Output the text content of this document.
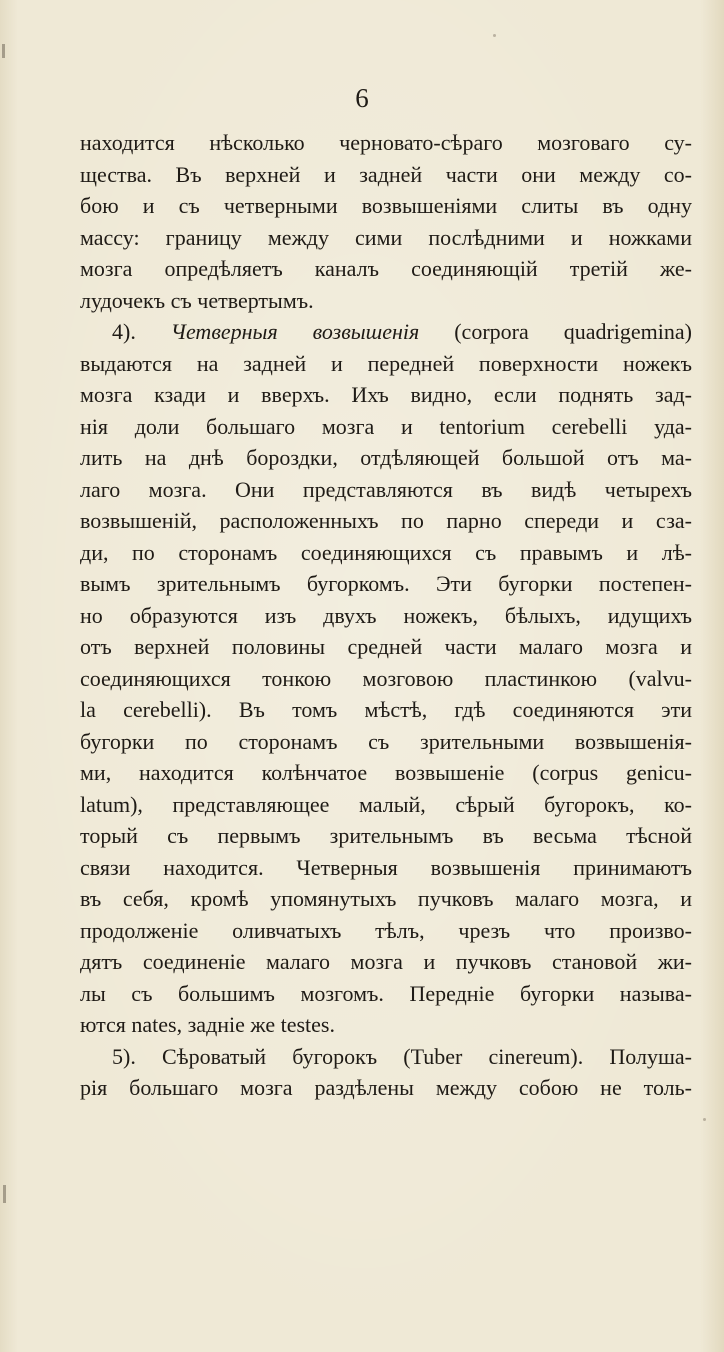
6
находится нѣсколько черновато-сѣраго мозговаго су-
щества. Въ верхней и задней части они между со-
бою и съ четверными возвышеніями слиты въ одну
массу: границу между сими послѣдними и ножками
мозга опредѣляетъ каналъ соединяющій третій же-
лудочекъ съ четвертымъ.
4). Четверныя возвышенія (corpora quadrigemina)
выдаются на задней и передней поверхности ножекъ
мозга кзади и вверхъ. Ихъ видно, если поднять зад-
нія доли большаго мозга и tentorium cerebelli уда-
лить на днѣ бороздки, отдѣляющей большой отъ ма-
лаго мозга. Они представляются въ видѣ четырехъ
возвышеній, расположенныхъ по парно спереди и сза-
ди, по сторонамъ соединяющихся съ правымъ и лѣ-
вымъ зрительнымъ бугоркомъ. Эти бугорки постепен-
но образуются изъ двухъ ножекъ, бѣлыхъ, идущихъ
отъ верхней половины средней части малаго мозга и
соединяющихся тонкою мозговою пластинкою (valvu-
la cerebelli). Въ томъ мѣстѣ, гдѣ соединяются эти
бугорки по сторонамъ съ зрительными возвышенія-
ми, находится колѣнчатое возвышеніе (corpus genicu-
latum), представляющее малый, сѣрый бугорокъ, ко-
торый съ первымъ зрительнымъ въ весьма тѣсной
связи находится. Четверныя возвышенія принимаютъ
въ себя, кромѣ упомянутыхъ пучковъ малаго мозга, и
продолженіе оливчатыхъ тѣлъ, чрезъ что произво-
дятъ соединеніе малаго мозга и пучковъ становой жи-
лы съ большимъ мозгомъ. Передніе бугорки называ-
ются nates, задніе же testes.
5). Сѣроватый бугорокъ (Tuber cinereum). Полуша-
рія большаго мозга раздѣлены между собою не толь-
